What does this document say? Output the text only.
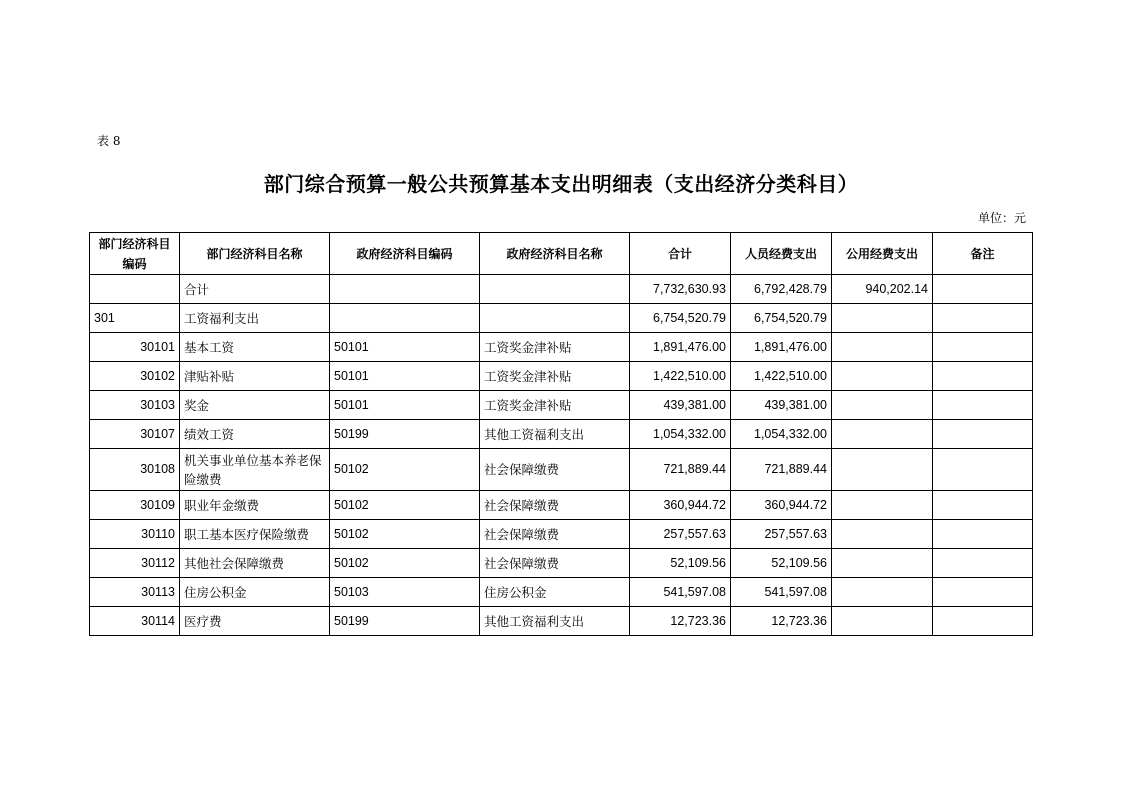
表 8
部门综合预算一般公共预算基本支出明细表（支出经济分类科目）
单位：元
部门经济科目编码	部门经济科目名称	政府经济科目编码	政府经济科目名称	合计	人员经费支出	公用经费支出	备注
	合计			7,732,630.93	6,792,428.79	940,202.14	
301	工资福利支出			6,754,520.79	6,754,520.79		
30101	基本工资	50101	工资奖金津补贴	1,891,476.00	1,891,476.00		
30102	津贴补贴	50101	工资奖金津补贴	1,422,510.00	1,422,510.00		
30103	奖金	50101	工资奖金津补贴	439,381.00	439,381.00		
30107	绩效工资	50199	其他工资福利支出	1,054,332.00	1,054,332.00		
30108	机关事业单位基本养老保险缴费	50102	社会保障缴费	721,889.44	721,889.44		
30109	职业年金缴费	50102	社会保障缴费	360,944.72	360,944.72		
30110	职工基本医疗保险缴费	50102	社会保障缴费	257,557.63	257,557.63		
30112	其他社会保障缴费	50102	社会保障缴费	52,109.56	52,109.56		
30113	住房公积金	50103	住房公积金	541,597.08	541,597.08		
30114	医疗费	50199	其他工资福利支出	12,723.36	12,723.36		
